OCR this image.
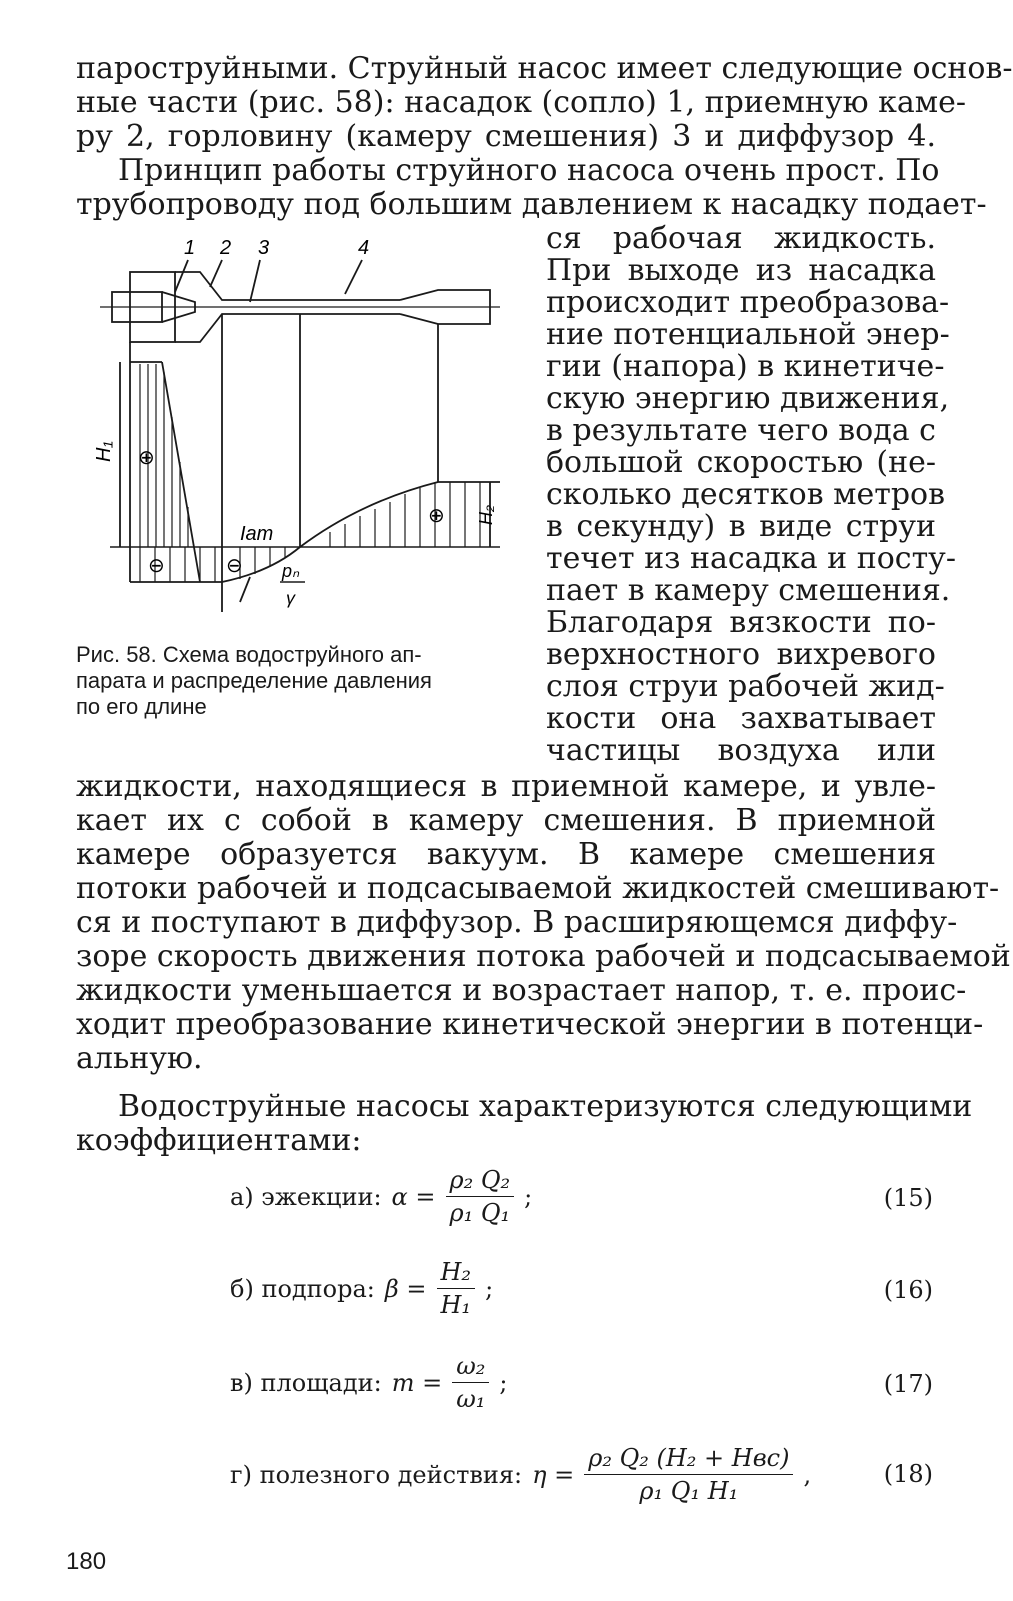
пароструйными. Струйный насос имеет следующие основ-
ные части (рис. 58): насадок (сопло) 1, приемную каме-
ру 2, горловину (камеру смешения) 3 и диффузор 4.
Принцип работы струйного насоса очень прост. По
трубопроводу под большим давлением к насадку подает-
ся рабочая жидкость.
При выходе из насадка
происходит преобразова-
ние потенциальной энер-
гии (напора) в кинетиче-
скую энергию движения,
в результате чего вода с
большой скоростью (не-
сколько десятков метров
в секунду) в виде струи
течет из насадка и посту-
пает в камеру смешения.
Благодаря вязкости по-
верхностного вихревого
слоя струи рабочей жид-
кости она захватывает
частицы воздуха или
1 2 3	4
H₁
H₂
Iam
⊕
⊕
⊖	⊖ pₙ
γ
Рис. 58. Схема водоструйного ап-
парата и распределение давления
по его длине
жидкости, находящиеся в приемной камере, и увле-
кает их с собой в камеру смешения. В приемной
камере образуется вакуум. В камере смешения
потоки рабочей и подсасываемой жидкостей смешивают-
ся и поступают в диффузор. В расширяющемся диффу-
зоре скорость движения потока рабочей и подсасываемой
жидкости уменьшается и возрастает напор, т. е. проис-
ходит преобразование кинетической энергии в потенци-
альную.
Водоструйные насосы характеризуются следующими
коэффициентами:
а) эжекции: $\alpha = \frac{\text{ρ₂ Q₂}}{\text{ρ₁ Q₁}}$ ;	(15)
б) подпора: $\beta = \frac{\text{H₂}}{\text{H₁}}$ ;	(16)
в) площади: $m = \frac{\text{ω₂}}{\text{ω₁}}$ ;	(17)
г) полезного действия: $\eta = \frac{\text{ρ₂ Q₂ (H₂ + Hвс)}}{\text{ρ₁ Q₁ H₁}}$ ,	(18)
180
